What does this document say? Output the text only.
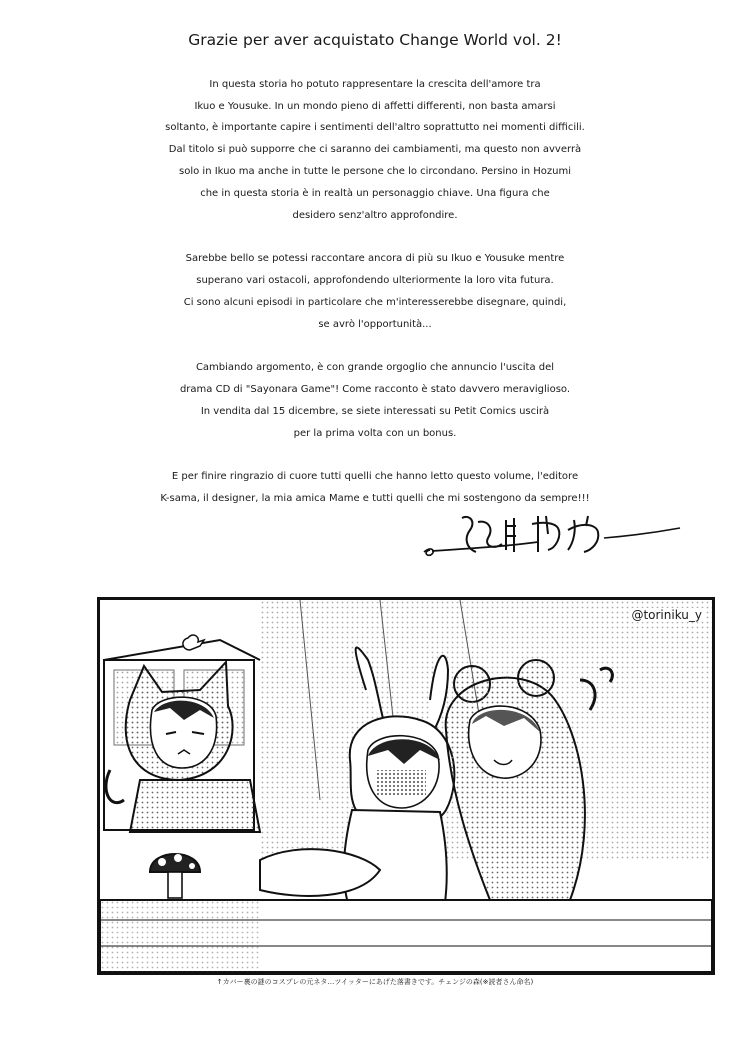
Grazie per aver acquistato Change World vol. 2!

In questa storia ho potuto rappresentare la crescita dell'amore tra
Ikuo e Yousuke. In un mondo pieno di affetti differenti, non basta amarsi
soltanto, è importante capire i sentimenti dell'altro soprattutto nei momenti difficili.
Dal titolo si può supporre che ci saranno dei cambiamenti, ma questo non avverrà
solo in Ikuo ma anche in tutte le persone che lo circondano. Persino in Hozumi
che in questa storia è in realtà un personaggio chiave. Una figura che
desidero senz'altro approfondire.

Sarebbe bello se potessi raccontare ancora di più su Ikuo e Yousuke mentre
superano vari ostacoli, approfondendo ulteriormente la loro vita futura.
Ci sono alcuni episodi in particolare che m'interesserebbe disegnare, quindi,
se avrò l'opportunità...

Cambiando argomento, è con grande orgoglio che annuncio l'uscita del
drama CD di "Sayonara Game"! Come racconto è stato davvero meraviglioso.
In vendita dal 15 dicembre, se siete interessati su Petit Comics uscirà
per la prima volta con un bonus.

E per finire ringrazio di cuore tutti quelli che hanno letto questo volume, l'editore
K-sama, il designer, la mia amica Mame e tutti quelli che mi sostengono da sempre!!!

@toriniku_y
↑カバー裏の謎のコスプレの元ネタ…ツイッターにあげた落書きです。チェンジの森(※読者さん命名)
